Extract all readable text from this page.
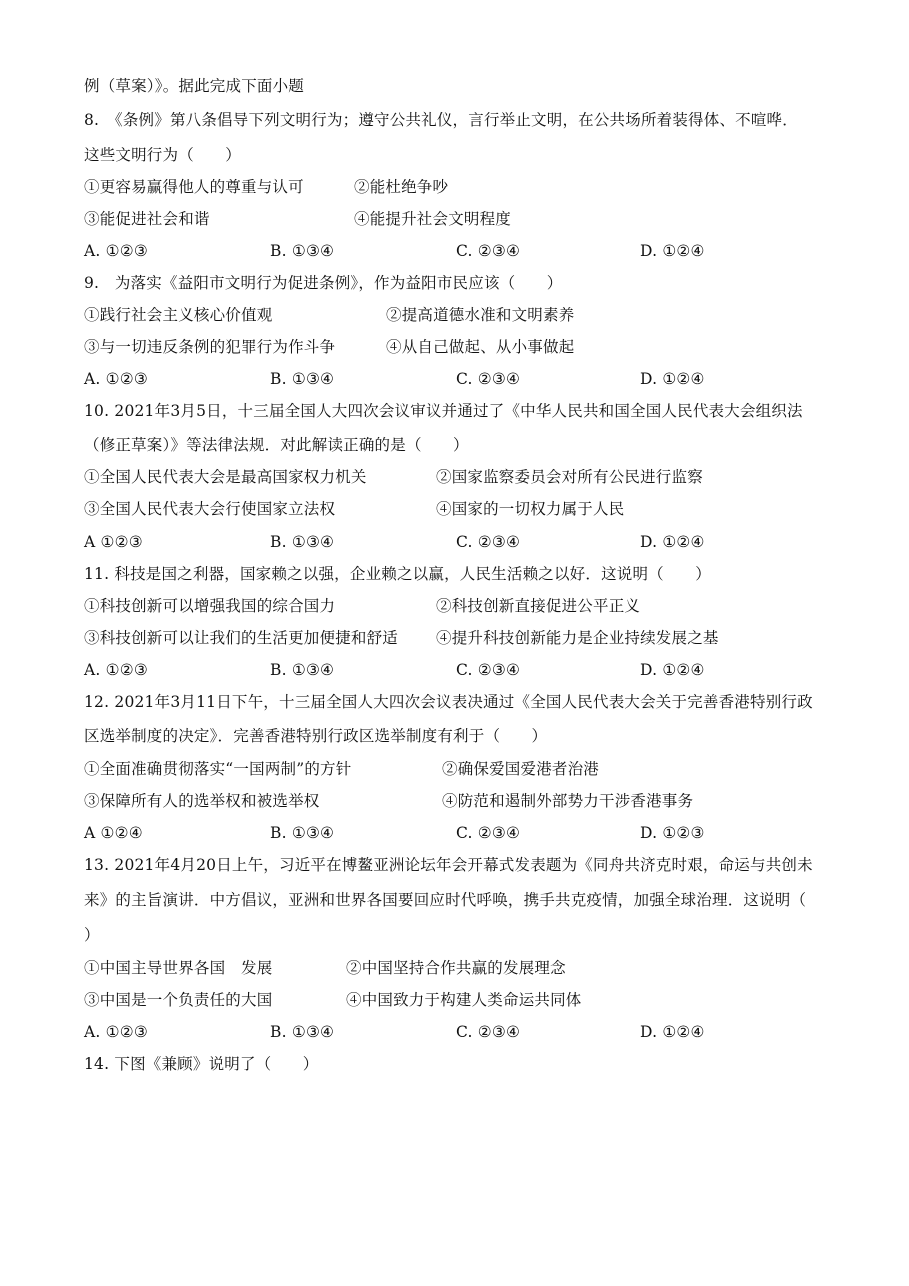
例（草案）》。据此完成下面小题
8.　《条例》第八条倡导下列文明行为；遵守公共礼仪，言行举止文明，在公共场所着装得体、不喧哗．
这些文明行为（　　）
①更容易赢得他人的尊重与认可	②能杜绝争吵
③能促进社会和谐	④能提升社会文明程度
A. ①②③	B. ①③④	C. ②③④	D. ①②④
9.　为落实《益阳市文明行为促进条例》，作为益阳市民应该（　　）
①践行社会主义核心价值观	②提高道德水准和文明素养
③与一切违反条例的犯罪行为作斗争	④从自己做起、从小事做起
A. ①②③	B. ①③④	C. ②③④	D. ①②④
10. 2021年3月5日，十三届全国人大四次会议审议并通过了《中华人民共和国全国人民代表大会组织法
（修正草案）》等法律法规．对此解读正确的是（　　）
①全国人民代表大会是最高国家权力机关	②国家监察委员会对所有公民进行监察
③全国人民代表大会行使国家立法权	④国家的一切权力属于人民
A ①②③	B. ①③④	C. ②③④	D. ①②④
11. 科技是国之利器，国家赖之以强，企业赖之以赢，人民生活赖之以好．这说明（　　）
①科技创新可以增强我国的综合国力	②科技创新直接促进公平正义
③科技创新可以让我们的生活更加便捷和舒适 ④提升科技创新能力是企业持续发展之基
A. ①②③	B. ①③④	C. ②③④	D. ①②④
12. 2021年3月11日下午，十三届全国人大四次会议表决通过《全国人民代表大会关于完善香港特别行政
区选举制度的决定》．完善香港特别行政区选举制度有利于（　　）
①全面准确贯彻落实“一国两制”的方针	②确保爱国爱港者治港
③保障所有人的选举权和被选举权	④防范和遏制外部势力干涉香港事务
A ①②④	B. ①③④	C. ②③④	D. ①②③
13. 2021年4月20日上午，习近平在博鳌亚洲论坛年会开幕式发表题为《同舟共济克时艰，命运与共创未
来》的主旨演讲．中方倡议，亚洲和世界各国要回应时代呼唤，携手共克疫情，加强全球治理．这说明（
）
①中国主导世界各国　发展	②中国坚持合作共赢的发展理念
③中国是一个负责任的大国	④中国致力于构建人类命运共同体
A. ①②③	B. ①③④	C. ②③④	D. ①②④
14. 下图《兼顾》说明了（　　）
